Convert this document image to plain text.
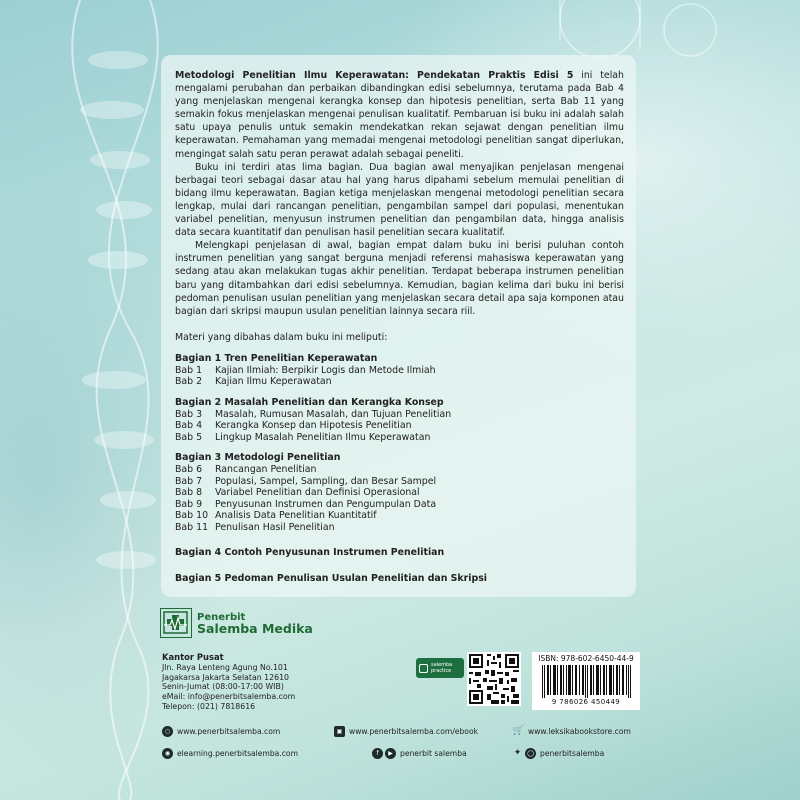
Metodologi Penelitian Ilmu Keperawatan: Pendekatan Praktis Edisi 5 ini telah mengalami perubahan dan perbaikan dibandingkan edisi sebelumnya, terutama pada Bab 4 yang menjelaskan mengenai kerangka konsep dan hipotesis penelitian, serta Bab 11 yang semakin fokus menjelaskan mengenai penulisan kualitatif. Pembaruan isi buku ini adalah salah satu upaya penulis untuk semakin mendekatkan rekan sejawat dengan penelitian ilmu keperawatan. Pemahaman yang memadai mengenai metodologi penelitian sangat diperlukan, mengingat salah satu peran perawat adalah sebagai peneliti.

Buku ini terdiri atas lima bagian. Dua bagian awal menyajikan penjelasan mengenai berbagai teori sebagai dasar atau hal yang harus dipahami sebelum memulai penelitian di bidang ilmu keperawatan. Bagian ketiga menjelaskan mengenai metodologi penelitian secara lengkap, mulai dari rancangan penelitian, pengambilan sampel dari populasi, menentukan variabel penelitian, menyusun instrumen penelitian dan pengambilan data, hingga analisis data secara kuantitatif dan penulisan hasil penelitian secara kualitatif.

Melengkapi penjelasan di awal, bagian empat dalam buku ini berisi puluhan contoh instrumen penelitian yang sangat berguna menjadi referensi mahasiswa keperawatan yang sedang atau akan melakukan tugas akhir penelitian. Terdapat beberapa instrumen penelitian baru yang ditambahkan dari edisi sebelumnya. Kemudian, bagian kelima dari buku ini berisi pedoman penulisan usulan penelitian yang menjelaskan secara detail apa saja komponen atau bagian dari skripsi maupun usulan penelitian lainnya secara riil.

Materi yang dibahas dalam buku ini meliputi:

Bagian 1 Tren Penelitian Keperawatan

Bab 1	Kajian Ilmiah: Berpikir Logis dan Metode Ilmiah
Bab 2	Kajian Ilmu Keperawatan

Bagian 2 Masalah Penelitian dan Kerangka Konsep

Bab 3	Masalah, Rumusan Masalah, dan Tujuan Penelitian
Bab 4	Kerangka Konsep dan Hipotesis Penelitian
Bab 5	Lingkup Masalah Penelitian Ilmu Keperawatan

Bagian 3 Metodologi Penelitian

Bab 6	Rancangan Penelitian
Bab 7	Populasi, Sampel, Sampling, dan Besar Sampel
Bab 8	Variabel Penelitian dan Definisi Operasional
Bab 9	Penyusunan Instrumen dan Pengumpulan Data
Bab 10 Analisis Data Penelitian Kuantitatif
Bab 11 Penulisan Hasil Penelitian

Bagian 4 Contoh Penyusunan Instrumen Penelitian

Bagian 5 Pedoman Penulisan Usulan Penelitian dan Skripsi

Penerbit
Salemba Medika
Kantor Pusat
Jln. Raya Lenteng Agung No.101
Jagakarsa Jakarta Selatan 12610
Senin-Jumat (08:00-17:00 WIB)
eMail: info@penerbitsalemba.com
Telepon: (021) 7818616
salemba
practice
ISBN: 978-602-6450-44-9
9 786026 450449
○ www.penerbitsalemba.com	▣ www.penerbitsalemba.com/ebook	🛒 www.leksikabookstore.com
◉ elearning.penerbitsalemba.com	f	▶ penerbit salemba	✦ ◯ penerbitsalemba
